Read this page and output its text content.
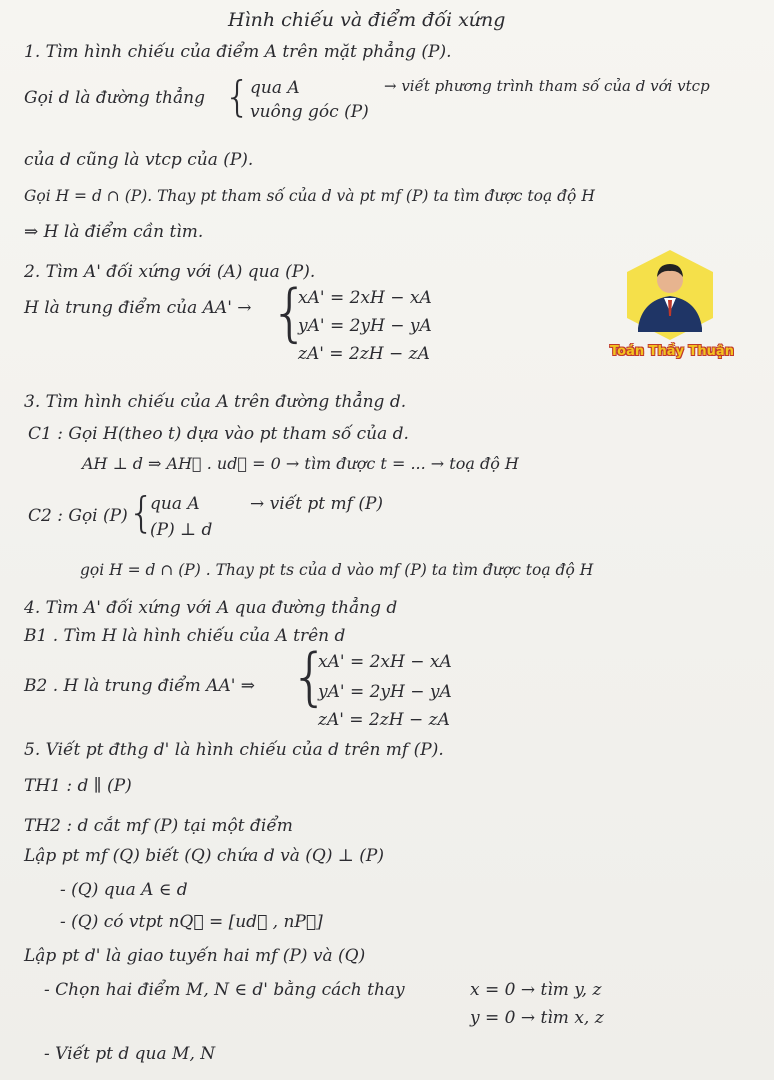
Hình chiếu và điểm đối xứng
1. Tìm hình chiếu của điểm A trên mặt phẳng (P).
Gọi d là đường thẳng { qua A
vuông góc (P)
→ viết phương trình tham số của d với vtcp
của d cũng là vtcp của (P).
Gọi H = d ∩ (P). Thay pt tham số của d và pt mf (P) ta tìm được toạ độ H
⇒ H là điểm cần tìm.
2. Tìm A' đối xứng với (A) qua (P).
H là trung điểm của AA' → {
xA' = 2xH − xA
yA' = 2yH − yA
zA' = 2zH − zA	Toán Thầy Thuận
3. Tìm hình chiếu của A trên đường thẳng d.
C1 : Gọi H(theo t) dựa vào pt tham số của d.
AH ⊥ d ⇒ AH⃗ . ud⃗ = 0 → tìm được t = ... → toạ độ H
C2 : Gọi (P) {
qua A
(P) ⊥ d
→ viết pt mf (P)
gọi H = d ∩ (P) . Thay pt ts của d vào mf (P) ta tìm được toạ độ H
4. Tìm A' đối xứng với A qua đường thẳng d
B1 . Tìm H là hình chiếu của A trên d
B2 . H là trung điểm AA' ⇒ {
xA' = 2xH − xA
yA' = 2yH − yA
zA' = 2zH − zA
5. Viết pt đthg d' là hình chiếu của d trên mf (P).
TH1 : d ∥ (P)
TH2 : d cắt mf (P) tại một điểm
Lập pt mf (Q) biết (Q) chứa d và (Q) ⊥ (P)
- (Q) qua A ∈ d
- (Q) có vtpt nQ⃗ = [ud⃗ , nP⃗]
Lập pt d' là giao tuyến hai mf (P) và (Q)
- Chọn hai điểm M, N ∈ d' bằng cách thay	x = 0 → tìm y, z
y = 0 → tìm x, z
- Viết pt d qua M, N
